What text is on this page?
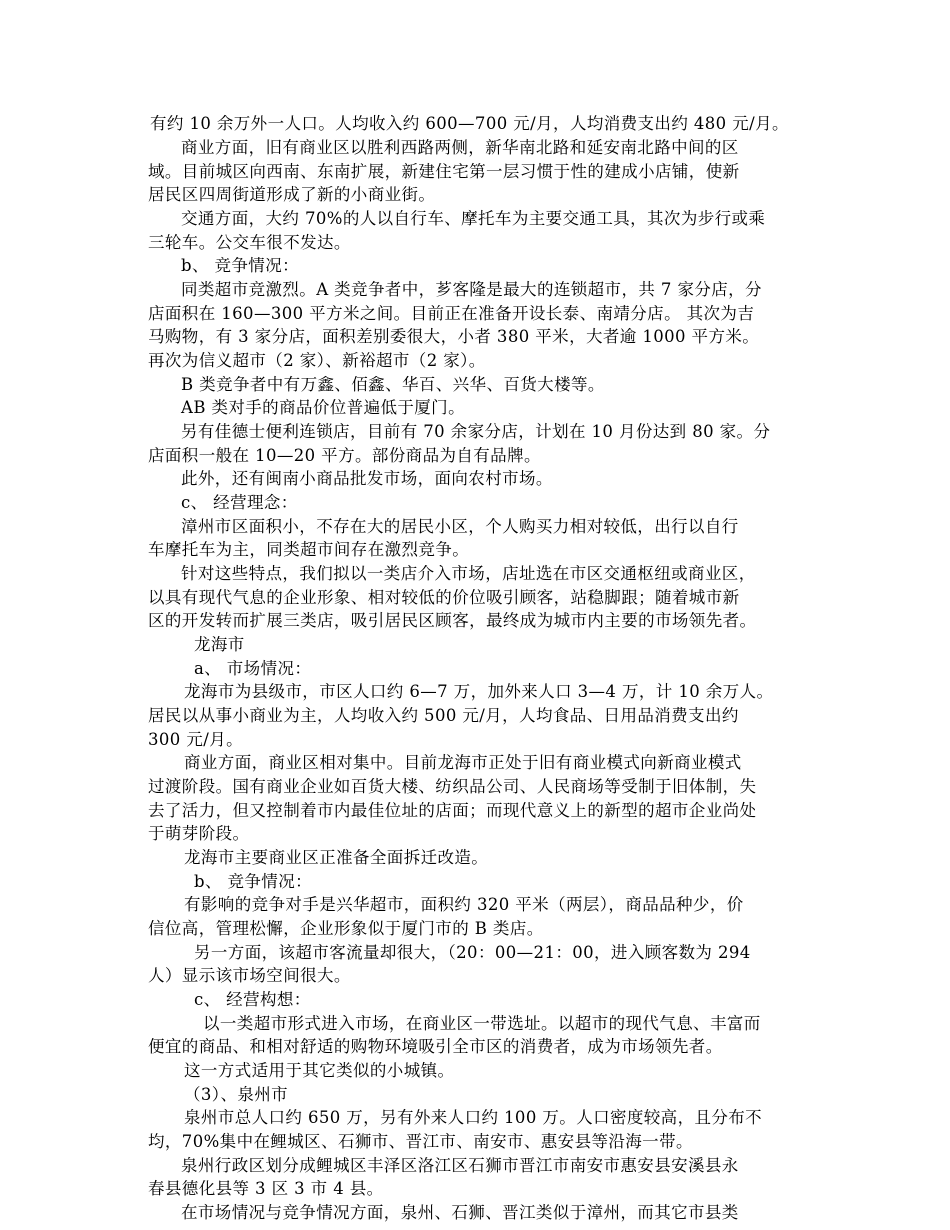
有约 10 余万外一人口。人均收入约 600—700 元/月，人均消费支出约 480 元/月。
商业方面，旧有商业区以胜利西路两侧，新华南北路和延安南北路中间的区
域。目前城区向西南、东南扩展，新建住宅第一层习惯于性的建成小店铺，使新
居民区四周街道形成了新的小商业街。
交通方面，大约 70%的人以自行车、摩托车为主要交通工具，其次为步行或乘
三轮车。公交车很不发达。
b、 竞争情况：
同类超市竞激烈。A 类竞争者中，芗客隆是最大的连锁超市，共 7 家分店，分
店面积在 160—300 平方米之间。目前正在准备开设长泰、南靖分店。 其次为吉
马购物，有 3 家分店，面积差别委很大，小者 380 平米，大者逾 1000 平方米。
再次为信义超市（2 家）、新裕超市（2 家）。
B 类竞争者中有万鑫、佰鑫、华百、兴华、百货大楼等。
AB 类对手的商品价位普遍低于厦门。
另有佳德士便利连锁店，目前有 70 余家分店，计划在 10 月份达到 80 家。分
店面积一般在 10—20 平方。部份商品为自有品牌。
此外，还有闽南小商品批发市场，面向农村市场。
c、 经营理念：
漳州市区面积小，不存在大的居民小区，个人购买力相对较低，出行以自行
车摩托车为主，同类超市间存在激烈竞争。
针对这些特点，我们拟以一类店介入市场，店址选在市区交通枢纽或商业区，
以具有现代气息的企业形象、相对较低的价位吸引顾客，站稳脚跟；随着城市新
区的开发转而扩展三类店，吸引居民区顾客，最终成为城市内主要的市场领先者。
龙海市
a、 市场情况：
龙海市为县级市，市区人口约 6—7 万，加外来人口 3—4 万，计 10 余万人。
居民以从事小商业为主，人均收入约 500 元/月，人均食品、日用品消费支出约
300 元/月。
商业方面，商业区相对集中。目前龙海市正处于旧有商业模式向新商业模式
过渡阶段。国有商业企业如百货大楼、纺织品公司、人民商场等受制于旧体制，失
去了活力，但又控制着市内最佳位址的店面；而现代意义上的新型的超市企业尚处
于萌芽阶段。
龙海市主要商业区正准备全面拆迁改造。
b、 竞争情况：
有影响的竞争对手是兴华超市，面积约 320 平米（两层），商品品种少，价
信位高，管理松懈，企业形象似于厦门市的 B 类店。
另一方面，该超市客流量却很大，（20：00—21：00，进入顾客数为 294
人）显示该市场空间很大。
c、 经营构想：
以一类超市形式进入市场，在商业区一带选址。以超市的现代气息、丰富而
便宜的商品、和相对舒适的购物环境吸引全市区的消费者，成为市场领先者。
这一方式适用于其它类似的小城镇。
（3）、泉州市
泉州市总人口约 650 万，另有外来人口约 100 万。人口密度较高，且分布不
均，70%集中在鲤城区、石狮市、晋江市、南安市、惠安县等沿海一带。
泉州行政区划分成鲤城区丰泽区洛江区石狮市晋江市南安市惠安县安溪县永
春县德化县等 3 区 3 市 4 县。
在市场情况与竞争情况方面，泉州、石狮、晋江类似于漳州，而其它市县类
